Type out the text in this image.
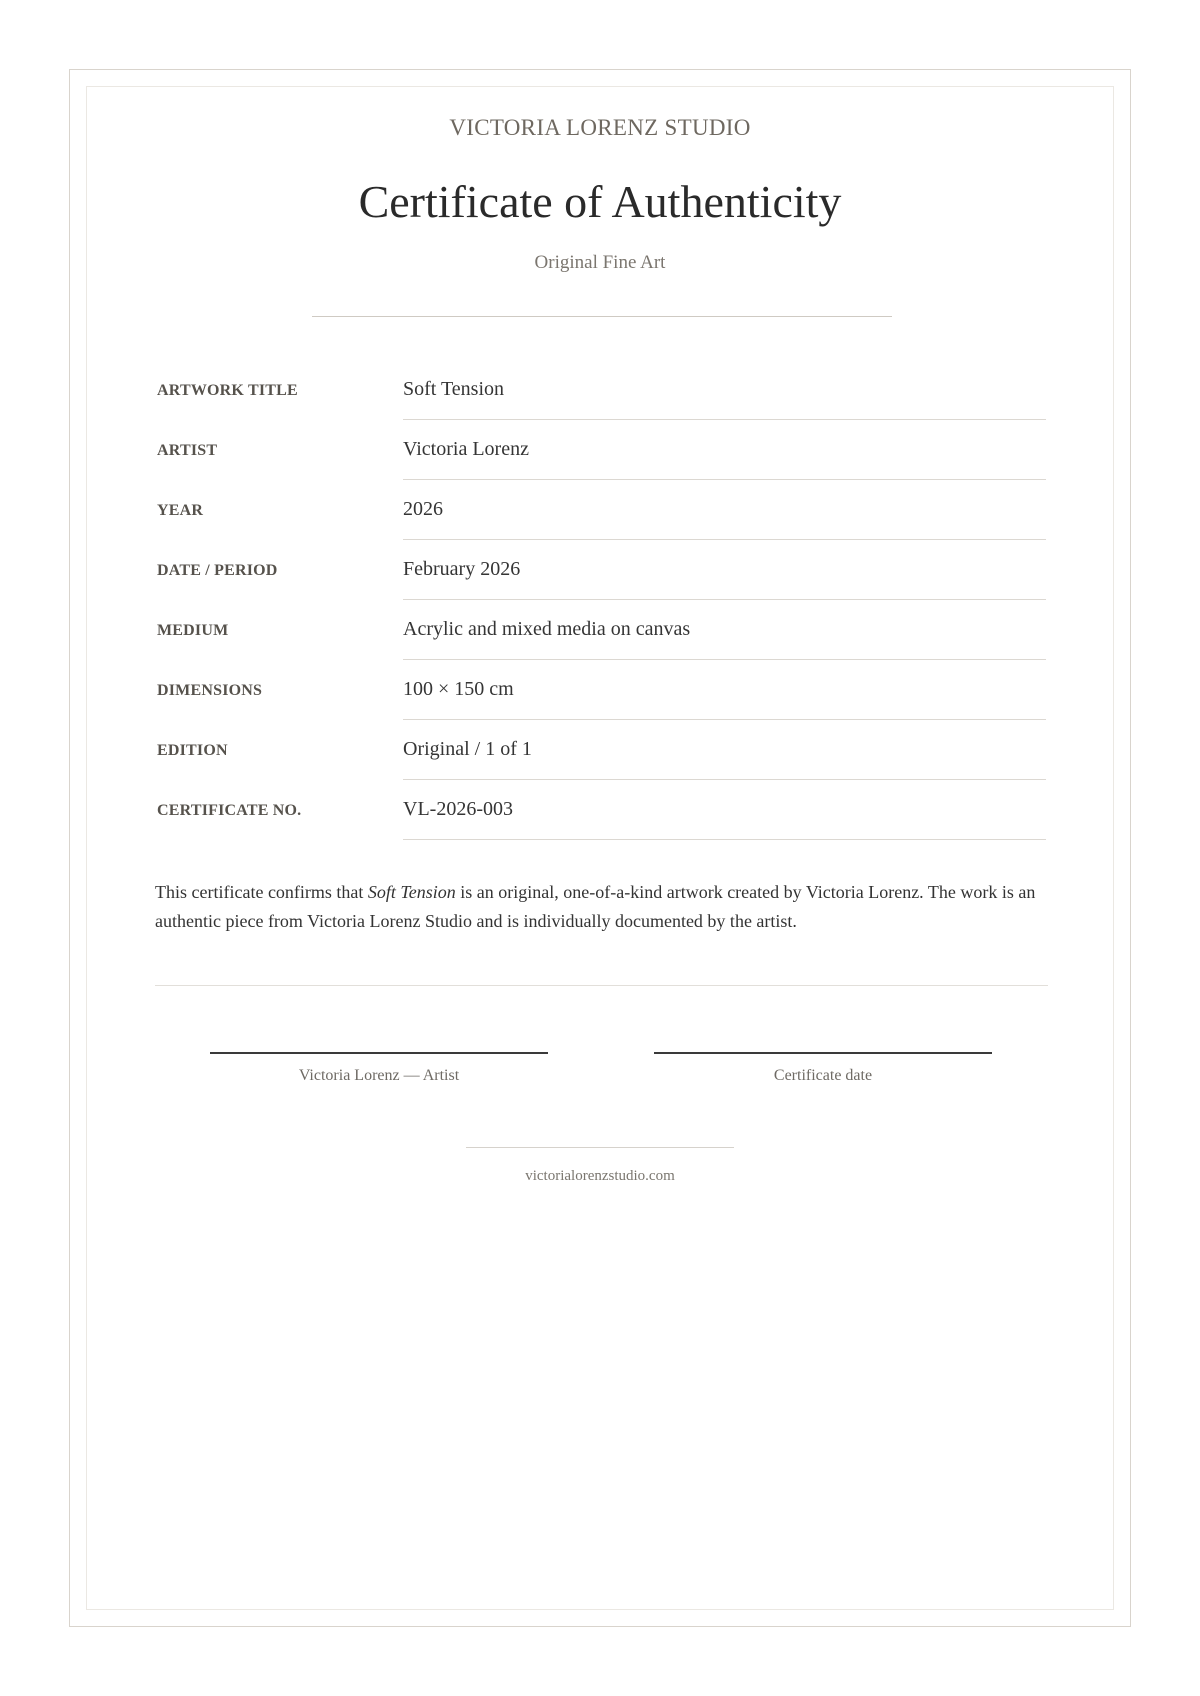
VICTORIA LORENZ STUDIO
Certificate of Authenticity
Original Fine Art
ARTWORK TITLE	Soft Tension
ARTIST	Victoria Lorenz
YEAR	2026
DATE / PERIOD	February 2026
MEDIUM	Acrylic and mixed media on canvas
DIMENSIONS	100 × 150 cm
EDITION	Original / 1 of 1
CERTIFICATE NO.	VL-2026-003

This certificate confirms that Soft Tension is an original, one-of-a-kind artwork created by Victoria Lorenz. The work is an authentic piece from Victoria Lorenz Studio and is individually documented by the artist.

Victoria Lorenz — Artist	Certificate date
victorialorenzstudio.com
